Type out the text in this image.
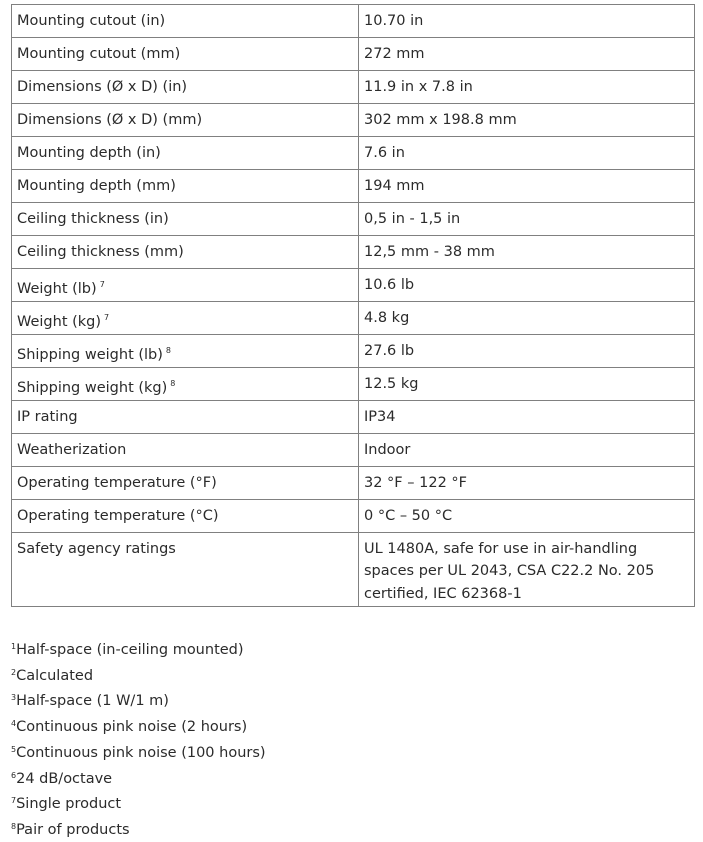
Mounting cutout (in)	10.70 in
Mounting cutout (mm)	272 mm
Dimensions (Ø x D) (in)	11.9 in x 7.8 in
Dimensions (Ø x D) (mm)	302 mm x 198.8 mm
Mounting depth (in)	7.6 in
Mounting depth (mm)	194 mm
Ceiling thickness (in)	0,5 in - 1,5 in
Ceiling thickness (mm)	12,5 mm - 38 mm
Weight (lb) $^7$	10.6 lb
Weight (kg) $^7$	4.8 kg
Shipping weight (lb) $^8$	27.6 lb
Shipping weight (kg) $^8$	12.5 kg
IP rating	IP34
Weatherization	Indoor
Operating temperature (°F)	32 °F – 122 °F
Operating temperature (°C)	0 °C – 50 °C
Safety agency ratings	UL 1480A, safe for use in air-handling spaces per UL 2043, CSA C22.2 No. 205 certified, IEC 62368-1
$^1$Half-space (in-ceiling mounted)
$^2$Calculated
$^3$Half-space (1 W/1 m)
$^4$Continuous pink noise (2 hours)
$^5$Continuous pink noise (100 hours)
$^6$24 dB/octave
$^7$Single product
$^8$Pair of products
